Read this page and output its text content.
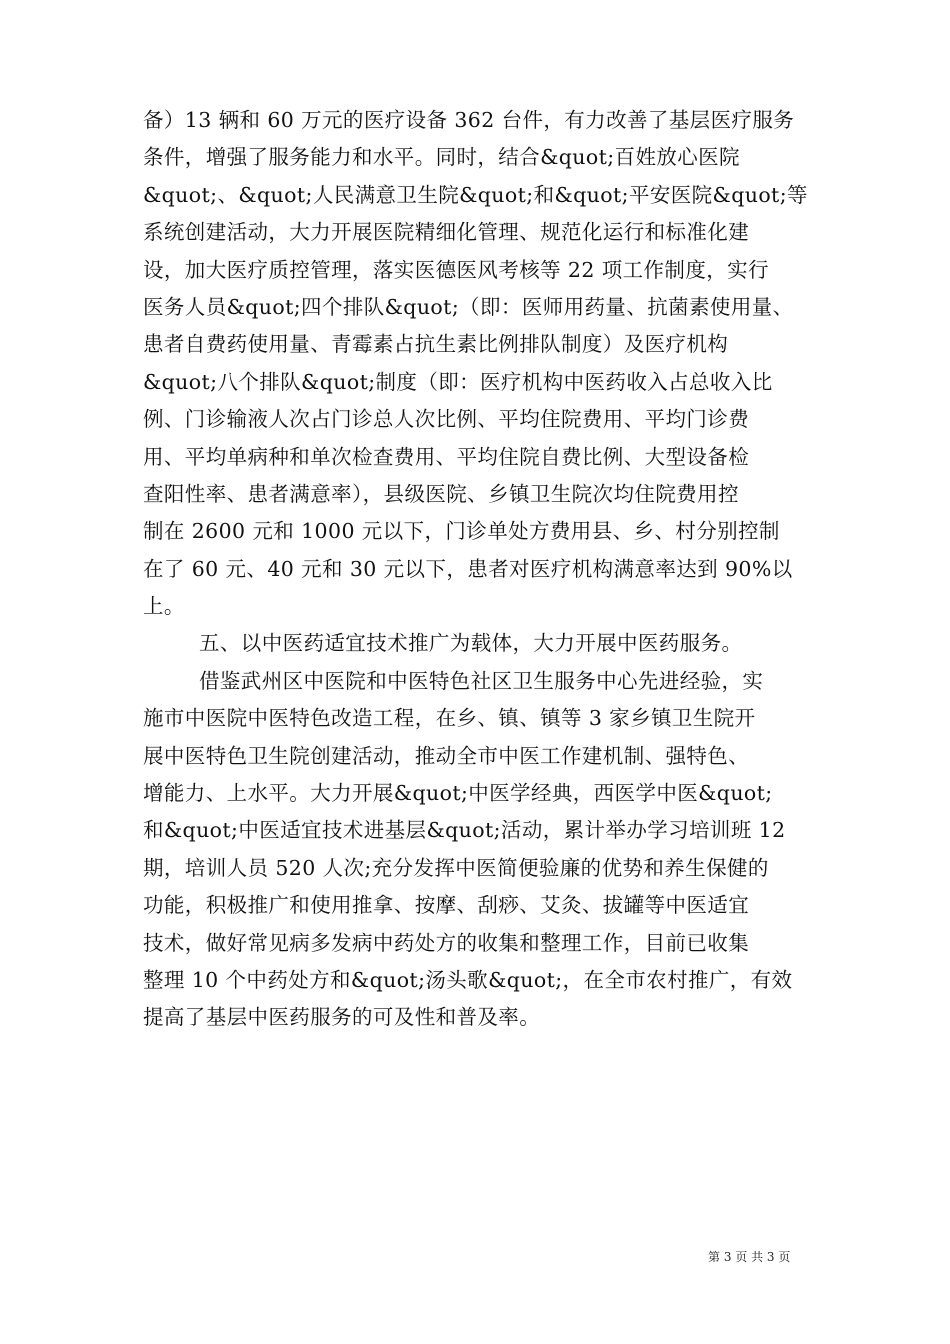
备）13 辆和 60 万元的医疗设备 362 台件，有力改善了基层医疗服务
条件，增强了服务能力和水平。同时，结合&quot;百姓放心医院
&quot;、&quot;人民满意卫生院&quot;和&quot;平安医院&quot;等
系统创建活动，大力开展医院精细化管理、规范化运行和标准化建
设，加大医疗质控管理，落实医德医风考核等 22 项工作制度，实行
医务人员&quot;四个排队&quot;（即：医师用药量、抗菌素使用量、
患者自费药使用量、青霉素占抗生素比例排队制度）及医疗机构
&quot;八个排队&quot;制度（即：医疗机构中医药收入占总收入比
例、门诊输液人次占门诊总人次比例、平均住院费用、平均门诊费
用、平均单病种和单次检查费用、平均住院自费比例、大型设备检
查阳性率、患者满意率），县级医院、乡镇卫生院次均住院费用控
制在 2600 元和 1000 元以下，门诊单处方费用县、乡、村分别控制
在了 60 元、40 元和 30 元以下，患者对医疗机构满意率达到 90%以
上。
五、以中医药适宜技术推广为载体，大力开展中医药服务。
借鉴武州区中医院和中医特色社区卫生服务中心先进经验，实
施市中医院中医特色改造工程，在乡、镇、镇等 3 家乡镇卫生院开
展中医特色卫生院创建活动，推动全市中医工作建机制、强特色、
增能力、上水平。大力开展&quot;中医学经典，西医学中医&quot;
和&quot;中医适宜技术进基层&quot;活动，累计举办学习培训班 12
期，培训人员 520 人次;充分发挥中医简便验廉的优势和养生保健的
功能，积极推广和使用推拿、按摩、刮痧、艾灸、拔罐等中医适宜
技术，做好常见病多发病中药处方的收集和整理工作，目前已收集
整理 10 个中药处方和&quot;汤头歌&quot;，在全市农村推广，有效
提高了基层中医药服务的可及性和普及率。
第 3 页 共 3 页
